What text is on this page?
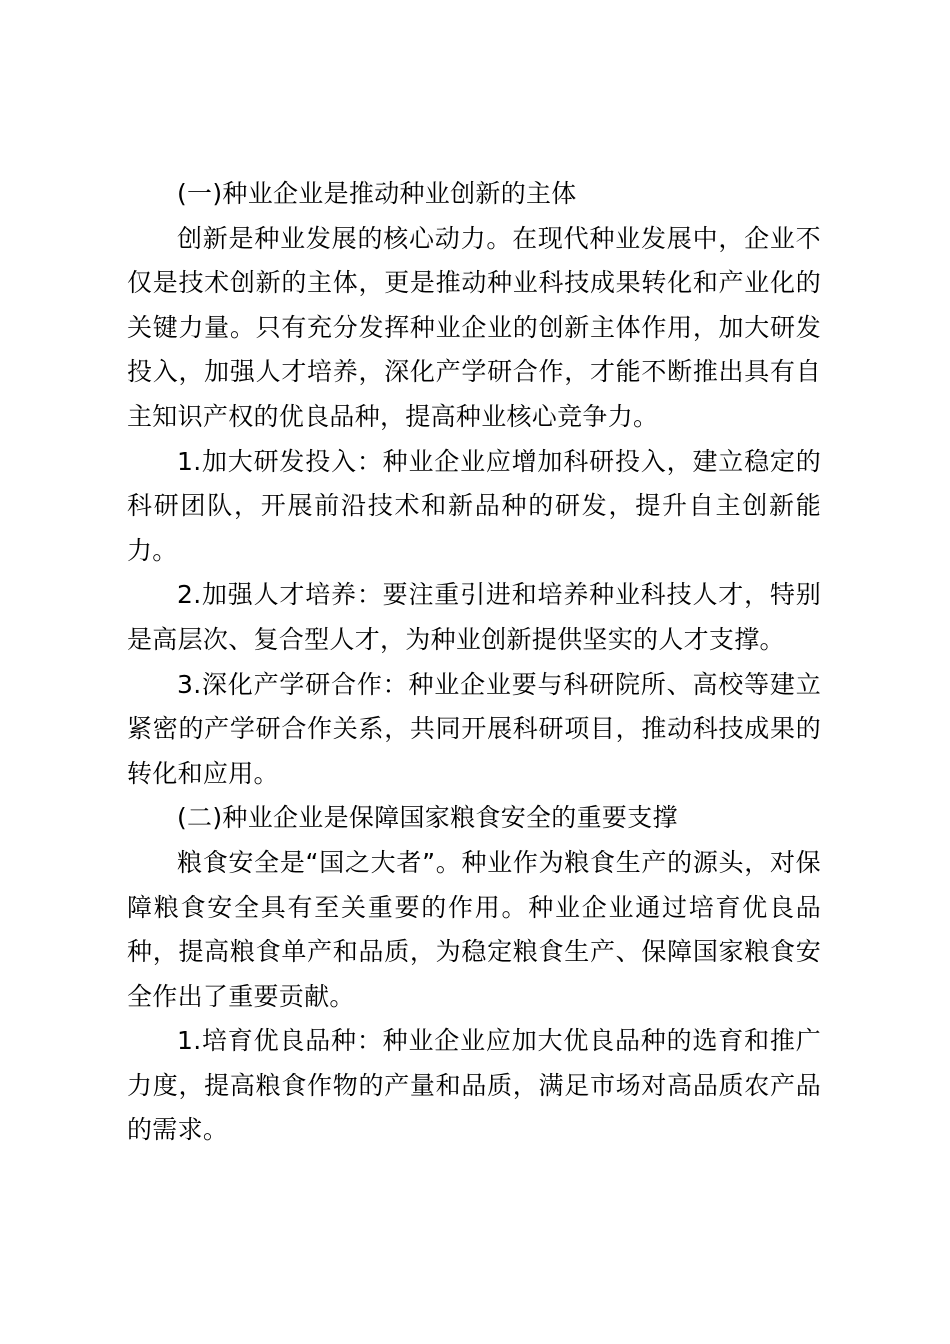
(一)种业企业是推动种业创新的主体

创新是种业发展的核心动力。在现代种业发展中，企业不仅是技术创新的主体，更是推动种业科技成果转化和产业化的关键力量。只有充分发挥种业企业的创新主体作用，加大研发投入，加强人才培养，深化产学研合作，才能不断推出具有自主知识产权的优良品种，提高种业核心竞争力。

1.加大研发投入：种业企业应增加科研投入，建立稳定的科研团队，开展前沿技术和新品种的研发，提升自主创新能力。

2.加强人才培养：要注重引进和培养种业科技人才，特别是高层次、复合型人才，为种业创新提供坚实的人才支撑。

3.深化产学研合作：种业企业要与科研院所、高校等建立紧密的产学研合作关系，共同开展科研项目，推动科技成果的转化和应用。

(二)种业企业是保障国家粮食安全的重要支撑

粮食安全是“国之大者”。种业作为粮食生产的源头，对保障粮食安全具有至关重要的作用。种业企业通过培育优良品种，提高粮食单产和品质，为稳定粮食生产、保障国家粮食安全作出了重要贡献。

1.培育优良品种：种业企业应加大优良品种的选育和推广力度，提高粮食作物的产量和品质，满足市场对高品质农产品的需求。
